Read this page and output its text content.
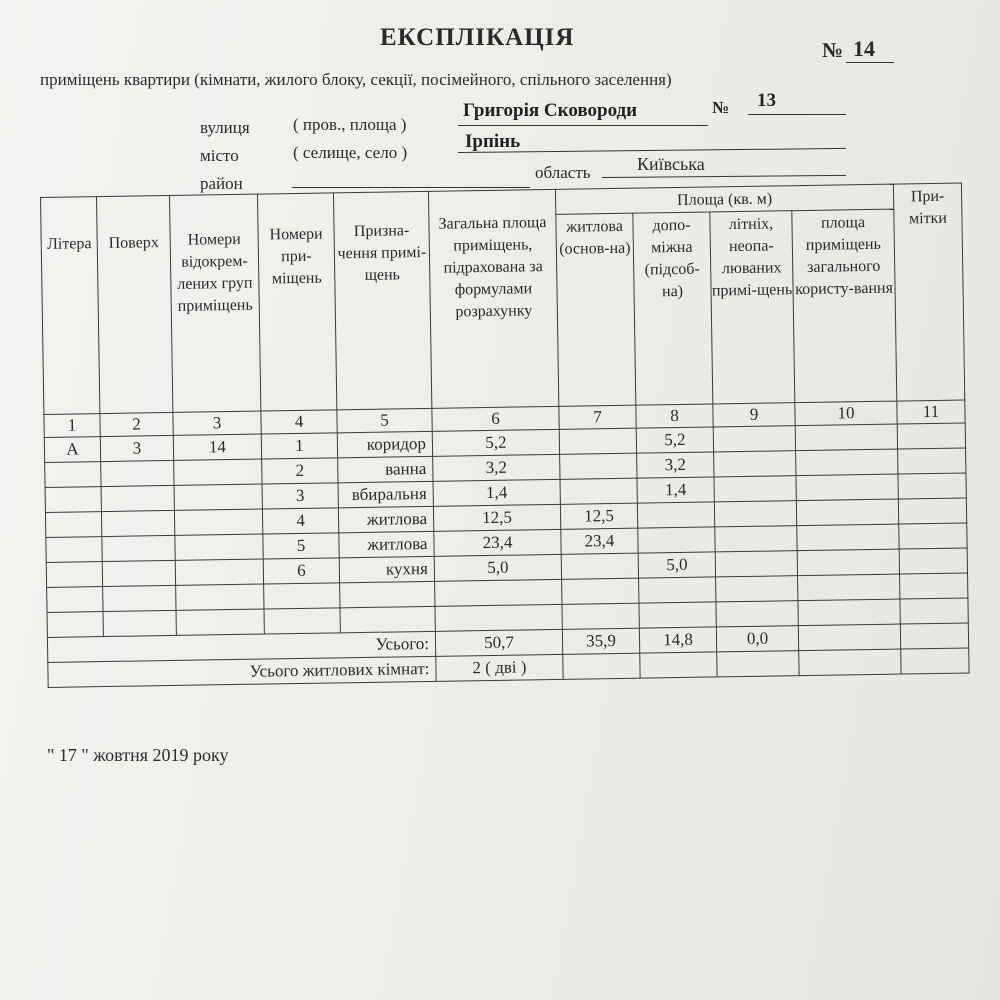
ЕКСПЛІКАЦІЯ
приміщень квартири (кімнати, жилого блоку, секції, посімейного, спільного заселення)
№ 14
вулиця	( пров., площа )
Григорія Сковороди	№ 13
місто	( селище, село )
Ірпінь
район
область	Київська
Літера	Поверх	Номери відокрем-лених груп приміщень	Номери при-міщень	Призна-чення примі-щень	Загальна площа приміщень, підрахована за формулами розрахунку	Площа (кв. м)				При-мітки
						житлова (основ-на)	допо-міжна (підсоб-на)	літніх, неопа-люваних примі-щень	площа приміщень загального користу-вання	
1	2	3	4	5	6	7	8	9	10	11
А	3	14	1	коридор	5,2		5,2			
			2	ванна	3,2		3,2			
			3	вбиральня	1,4		1,4			
			4	житлова	12,5	12,5				
			5	житлова	23,4	23,4				
			6	кухня	5,0		5,0			

Усього:					50,7	35,9	14,8	0,0		
Усього житлових кімнат:					2 ( дві )					
" 17 " жовтня 2019 року
